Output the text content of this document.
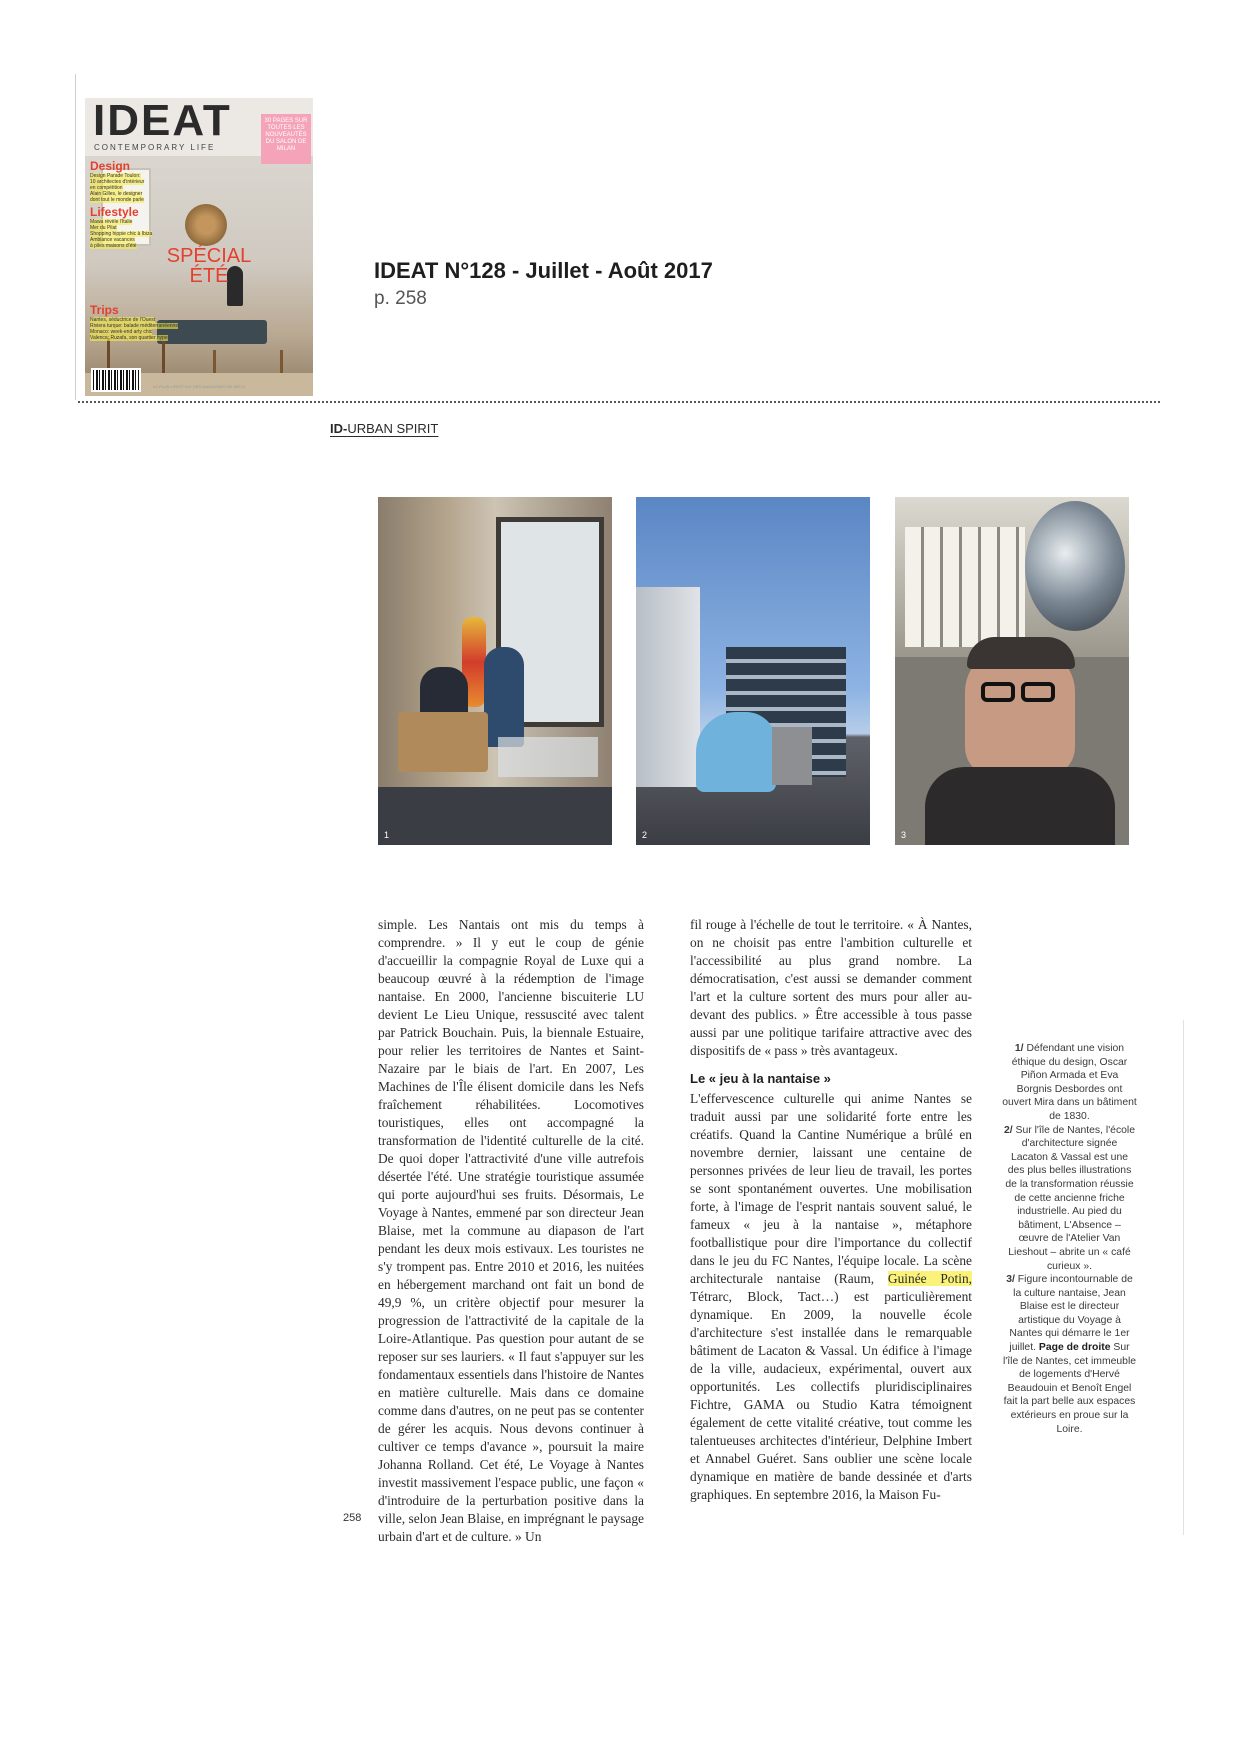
IDEAT
CONTEMPORARY LIFE
30 PAGES SUR TOUTES LES NOUVEAUTÉS DU SALON DE MILAN
SPÉCIAL ÉTÉ
Design
Design Parade Toulon:
10 architectes d'intérieur
en compétition
Alain Gilles, le designer
dont tout le monde parle
Lifestyle
Mawa révèle l'Italie
Mer du Pilat
Shopping hippie chic à Ibiza
Ambiance vacances
à piles maisons d'été
Trips
Nantes, séductrice de l'Ouest
Riviera turque: balade méditerranéenne
Monaco: week-end arty chic
Valence: Ruzafa, son quartier hype
LE PLUS LIFESTYLE DES MAGAZINES DE DÉCO
IDEAT N°128 - Juillet - Août 2017
p. 258
ID-URBAN SPIRIT
1	2	3

simple. Les Nantais ont mis du temps à comprendre. » Il y eut le coup de génie d'accueillir la compagnie Royal de Luxe qui a beaucoup œuvré à la rédemption de l'image nantaise. En 2000, l'ancienne biscuiterie LU devient Le Lieu Unique, ressuscité avec talent par Patrick Bouchain. Puis, la biennale Estuaire, pour relier les territoires de Nantes et Saint-Nazaire par le biais de l'art. En 2007, Les Machines de l'Île élisent domicile dans les Nefs fraîchement réhabilitées. Locomotives touristiques, elles ont accompagné la transformation de l'identité culturelle de la cité. De quoi doper l'attractivité d'une ville autrefois désertée l'été. Une stratégie touristique assumée qui porte aujourd'hui ses fruits. Désormais, Le Voyage à Nantes, emmené par son directeur Jean Blaise, met la commune au diapason de l'art pendant les deux mois estivaux. Les touristes ne s'y trompent pas. Entre 2010 et 2016, les nuitées en hébergement marchand ont fait un bond de 49,9 %, un critère objectif pour mesurer la progression de l'attractivité de la capitale de la Loire-Atlantique. Pas question pour autant de se reposer sur ses lauriers. « Il faut s'appuyer sur les fondamentaux essentiels dans l'histoire de Nantes en matière culturelle. Mais dans ce domaine comme dans d'autres, on ne peut pas se contenter de gérer les acquis. Nous devons continuer à cultiver ce temps d'avance », poursuit la maire Johanna Rolland. Cet été, Le Voyage à Nantes investit massivement l'espace public, une façon « d'introduire de la perturbation positive dans la ville, selon Jean Blaise, en imprégnant le paysage urbain d'art et de culture. » Un

fil rouge à l'échelle de tout le territoire. « À Nantes, on ne choisit pas entre l'ambition culturelle et l'accessibilité au plus grand nombre. La démocratisation, c'est aussi se demander comment l'art et la culture sortent des murs pour aller au-devant des publics. » Être accessible à tous passe aussi par une politique tarifaire attractive avec des dispositifs de « pass » très avantageux.

Le « jeu à la nantaise »

L'effervescence culturelle qui anime Nantes se traduit aussi par une solidarité forte entre les créatifs. Quand la Cantine Numérique a brûlé en novembre dernier, laissant une centaine de personnes privées de leur lieu de travail, les portes se sont spontanément ouvertes. Une mobilisation forte, à l'image de l'esprit nantais souvent salué, le fameux « jeu à la nantaise », métaphore footballistique pour dire l'importance du collectif dans le jeu du FC Nantes, l'équipe locale. La scène architecturale nantaise (Raum, Guinée Potin, Tétrarc, Block, Tact…) est particulièrement dynamique. En 2009, la nouvelle école d'architecture s'est installée dans le remarquable bâtiment de Lacaton & Vassal. Un édifice à l'image de la ville, audacieux, expérimental, ouvert aux opportunités. Les collectifs pluridisciplinaires Fichtre, GAMA ou Studio Katra témoignent également de cette vitalité créative, tout comme les talentueuses architectes d'intérieur, Delphine Imbert et Annabel Guéret. Sans oublier une scène locale dynamique en matière de bande dessinée et d'arts graphiques. En septembre 2016, la Maison Fu-

1/ Défendant une vision éthique du design, Oscar Piñon Armada et Eva Borgnis Desbordes ont ouvert Mira dans un bâtiment de 1830.
2/ Sur l'île de Nantes, l'école d'architecture signée Lacaton & Vassal est une des plus belles illustrations de la transformation réussie de cette ancienne friche industrielle. Au pied du bâtiment, L'Absence – œuvre de l'Atelier Van Lieshout – abrite un « café curieux ».
3/ Figure incontournable de la culture nantaise, Jean Blaise est le directeur artistique du Voyage à Nantes qui démarre le 1er juillet. Page de droite Sur l'île de Nantes, cet immeuble de logements d'Hervé Beaudouin et Benoît Engel fait la part belle aux espaces extérieurs en proue sur la Loire.
258
